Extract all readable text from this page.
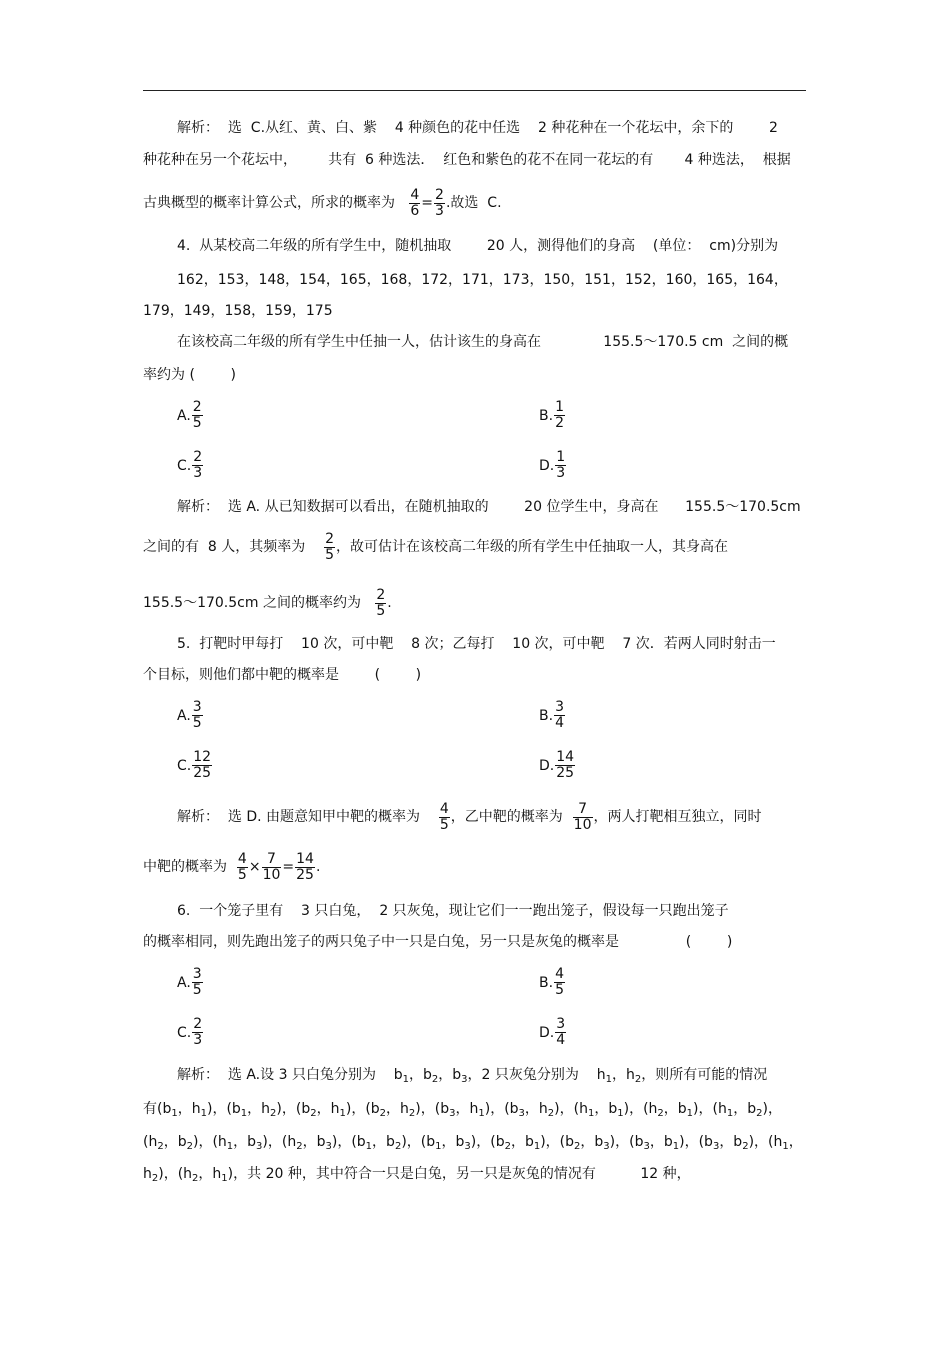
解析：  选  C.从红、黄、白、紫    4 种颜色的花中任选    2 种花种在一个花坛中，余下的        2
种花种在另一个花坛中，       共有  6 种选法．  红色和紫色的花不在同一花坛的有       4 种选法，  根据
古典概型的概率计算公式，所求的概率为 $\frac{4}{6} = \frac{2}{3}$ .故选  C.
4.  从某校高二年级的所有学生中，随机抽取        20 人，测得他们的身高    (单位：  cm)分别为
162，153，148，154，165，168，172，171，173，150，151，152，160，165，164，
179，149，158，159，175
在该校高二年级的所有学生中任抽一人，估计该生的身高在              155.5～170.5 cm  之间的概
率约为 (        )
A. $\frac{2}{5}$	B. $\frac{1}{2}$
C. $\frac{2}{3}$	D. $\frac{1}{3}$
解析：  选 A. 从已知数据可以看出，在随机抽取的        20 位学生中，身高在      155.5～170.5cm
之间的有  8 人，其频率为 $\frac{2}{5}$ ，故可估计在该校高二年级的所有学生中任抽取一人，其身高在
155.5～170.5cm 之间的概率约为 $\frac{2}{5}$ .
5.  打靶时甲每打    10 次，可中靶    8 次；乙每打    10 次，可中靶    7 次．若两人同时射击一
个目标，则他们都中靶的概率是        (        )
A. $\frac{3}{5}$	B. $\frac{3}{4}$
C. $\frac{12}{25}$	D. $\frac{14}{25}$
解析：  选 D. 由题意知甲中靶的概率为 $\frac{4}{5}$ ，乙中靶的概率为 $\frac{7}{10}$ ，两人打靶相互独立，同时
中靶的概率为 $\frac{4}{5} \times \frac{7}{10} = \frac{14}{25}$ .
6.  一个笼子里有    3 只白兔，  2 只灰兔，现让它们一一跑出笼子，假设每一只跑出笼子
的概率相同，则先跑出笼子的两只兔子中一只是白兔，另一只是灰兔的概率是               (        )
A. $\frac{3}{5}$	B. $\frac{4}{5}$
C. $\frac{2}{3}$	D. $\frac{3}{4}$
解析：  选 A.设 3 只白兔分别为    $b_1$，$b_2$，$b_3$，2 只灰兔分别为    $h_1$，$h_2$，则所有可能的情况
有($b_1$，$h_1$)，($b_1$，$h_2$)，($b_2$，$h_1$)，($b_2$，$h_2$)，($b_3$，$h_1$)，($b_3$，$h_2$)，($h_1$，$b_1$)，($h_2$，$b_1$)，($h_1$，$b_2$)，
($h_2$，$b_2$)，($h_1$，$b_3$)，($h_2$，$b_3$)，($b_1$，$b_2$)，($b_1$，$b_3$)，($b_2$，$b_1$)，($b_2$，$b_3$)，($b_3$，$b_1$)，($b_3$，$b_2$)，($h_1$，
$h_2$)，($h_2$，$h_1$)，共 20 种，其中符合一只是白兔，另一只是灰兔的情况有          12 种，
